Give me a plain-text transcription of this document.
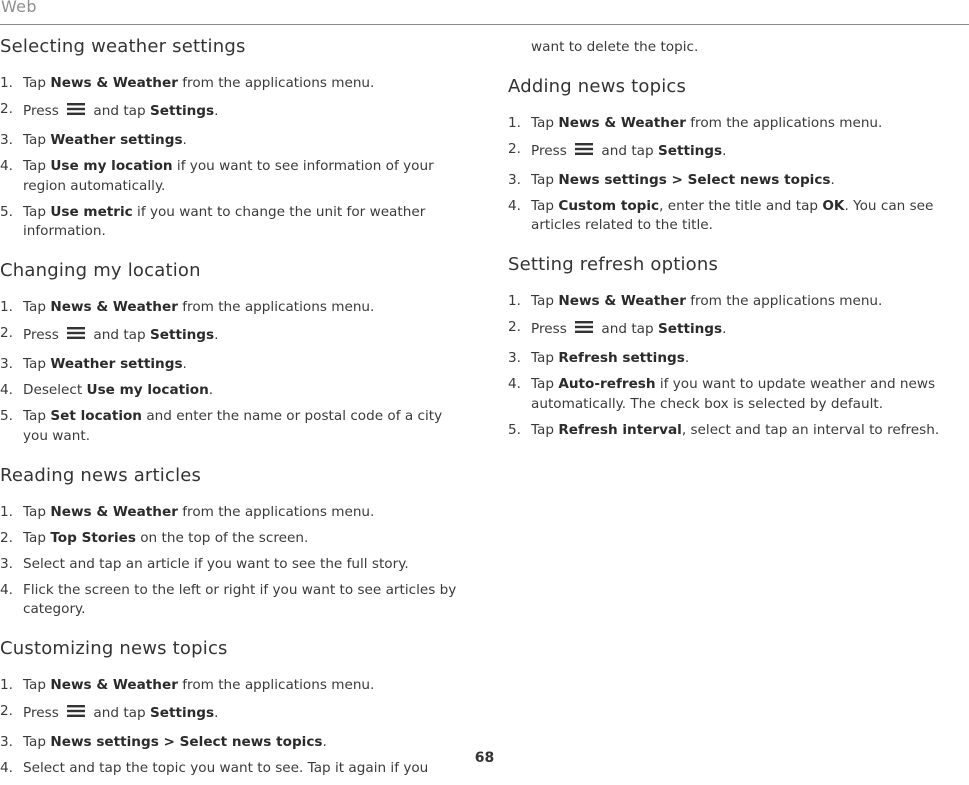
Web
Selecting weather settings
1. Tap News & Weather from the applications menu.
2. Press  and tap Settings.
3. Tap Weather settings.
4. Tap Use my location if you want to see information of your region automatically.
5. Tap Use metric if you want to change the unit for weather information.
Changing my location
1. Tap News & Weather from the applications menu.
2. Press  and tap Settings.
3. Tap Weather settings.
4. Deselect Use my location.
5. Tap Set location and enter the name or postal code of a city you want.
Reading news articles
1. Tap News & Weather from the applications menu.
2. Tap Top Stories on the top of the screen.
3. Select and tap an article if you want to see the full story.
4. Flick the screen to the left or right if you want to see articles by category.
Customizing news topics
1. Tap News & Weather from the applications menu.
2. Press  and tap Settings.
3. Tap News settings > Select news topics.
4. Select and tap the topic you want to see. Tap it again if you

want to delete the topic.

Adding news topics
1. Tap News & Weather from the applications menu.
2. Press  and tap Settings.
3. Tap News settings > Select news topics.
4. Tap Custom topic, enter the title and tap OK. You can see articles related to the title.
Setting refresh options
1. Tap News & Weather from the applications menu.
2. Press  and tap Settings.
3. Tap Refresh settings.
4. Tap Auto-refresh if you want to update weather and news automatically. The check box is selected by default.
5. Tap Refresh interval, select and tap an interval to refresh.
68
